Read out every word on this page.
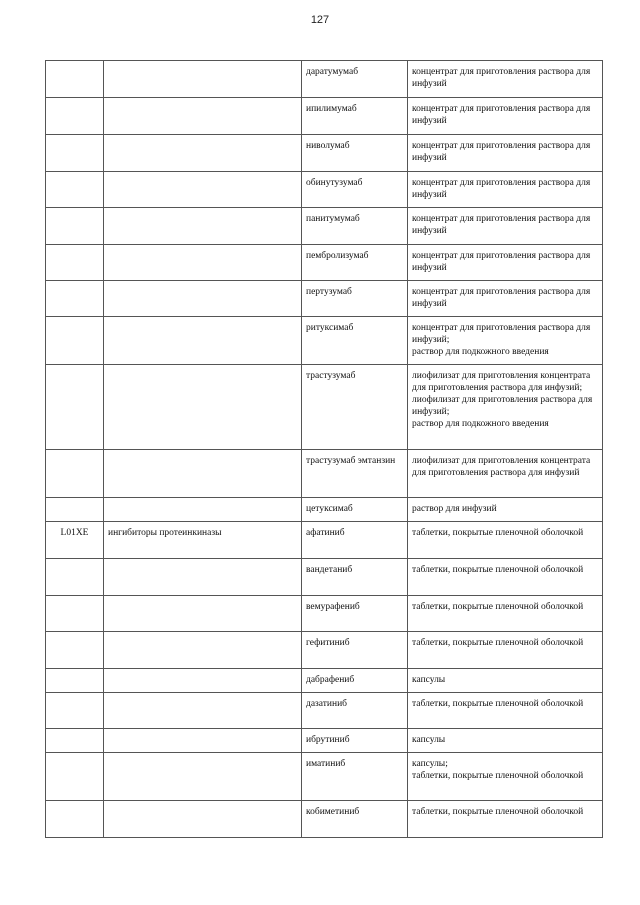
127
		даратумумаб	концентрат для приготовления раствора для инфузий

		ипилимумаб	концентрат для приготовления раствора для инфузий

		ниволумаб	концентрат для приготовления раствора для инфузий

		обинутузумаб	концентрат для приготовления раствора для инфузий

		панитумумаб	концентрат для приготовления раствора для инфузий

		пембролизумаб	концентрат для приготовления раствора для инфузий

		пертузумаб	концентрат для приготовления раствора для инфузий

		ритуксимаб	концентрат для приготовления раствора для инфузий;
раствор для подкожного введения

		трастузумаб	лиофилизат для приготовления концентрата для приготовления раствора для инфузий;
лиофилизат для приготовления раствора для инфузий;
раствор для подкожного введения

		трастузумаб эмтанзин	лиофилизат для приготовления концентрата для приготовления раствора для инфузий

		цетуксимаб	раствор для инфузий

L01XE	ингибиторы протеинкиназы	афатиниб	таблетки, покрытые пленочной оболочкой

		вандетаниб	таблетки, покрытые пленочной оболочкой

		вемурафениб	таблетки, покрытые пленочной оболочкой

		гефитиниб	таблетки, покрытые пленочной оболочкой

		дабрафениб	капсулы

		дазатиниб	таблетки, покрытые пленочной оболочкой

		ибрутиниб	капсулы

		иматиниб	капсулы;
таблетки, покрытые пленочной оболочкой

		кобиметиниб	таблетки, покрытые пленочной оболочкой
